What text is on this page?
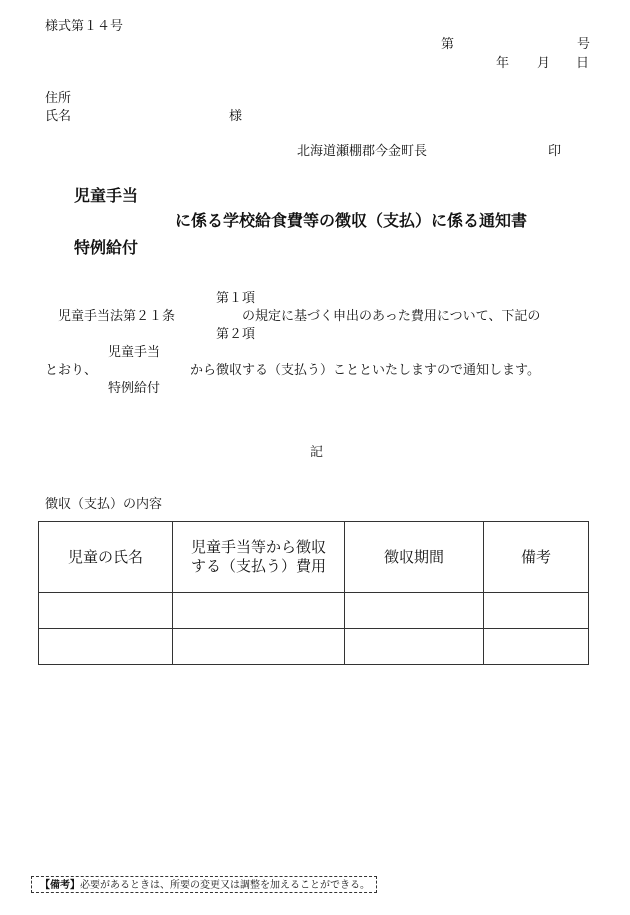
様式第１４号
第	号
年 月 日
住所
氏名	様
北海道瀬棚郡今金町長	印
児童手当
に係る学校給食費等の徴収（支払）に係る通知書
特例給付
第１項
児童手当法第２１条	の規定に基づく申出のあった費用について、下記の
第２項
児童手当
とおり、	から徴収する（支払う）ことといたしますので通知します。
特例給付
記
徴収（支払）の内容
児童の氏名	児童手当等から徴収する（支払う）費用	徴収期間	備考

【備考】必要があるときは、所要の変更又は調整を加えることができる。
